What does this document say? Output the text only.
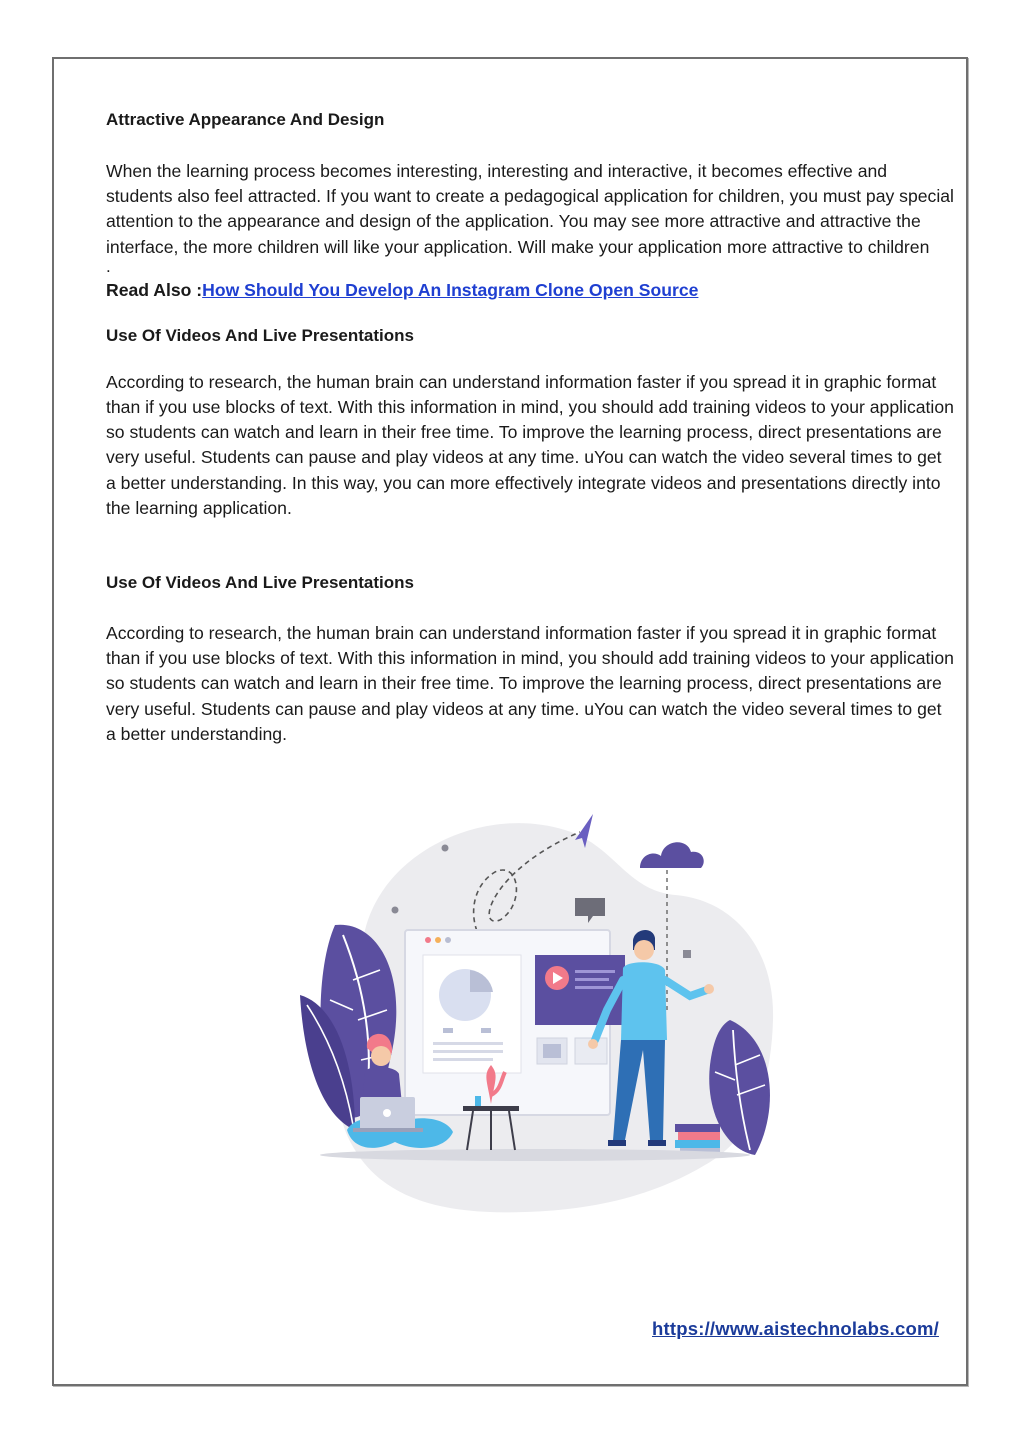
Attractive Appearance And Design

When the learning process becomes interesting, interesting and interactive, it becomes effective and students also feel attracted. If you want to create a pedagogical application for children, you must pay special attention to the appearance and design of the application. You may see more attractive and attractive the interface, the more children will like your application. Will make your application more attractive to children

.

Read Also :How Should You Develop An Instagram Clone Open Source

Use Of Videos And Live Presentations

According to research, the human brain can understand information faster if you spread it in graphic format than if you use blocks of text. With this information in mind, you should add training videos to your application so students can watch and learn in their free time. To improve the learning process, direct presentations are very useful. Students can pause and play videos at any time. uYou can watch the video several times to get a better understanding. In this way, you can more effectively integrate videos and presentations directly into the learning application.

Use Of Videos And Live Presentations

According to research, the human brain can understand information faster if you spread it in graphic format than if you use blocks of text. With this information in mind, you should add training videos to your application so students can watch and learn in their free time. To improve the learning process, direct presentations are very useful. Students can pause and play videos at any time. uYou can watch the video several times to get a better understanding.

https://www.aistechnolabs.com/
